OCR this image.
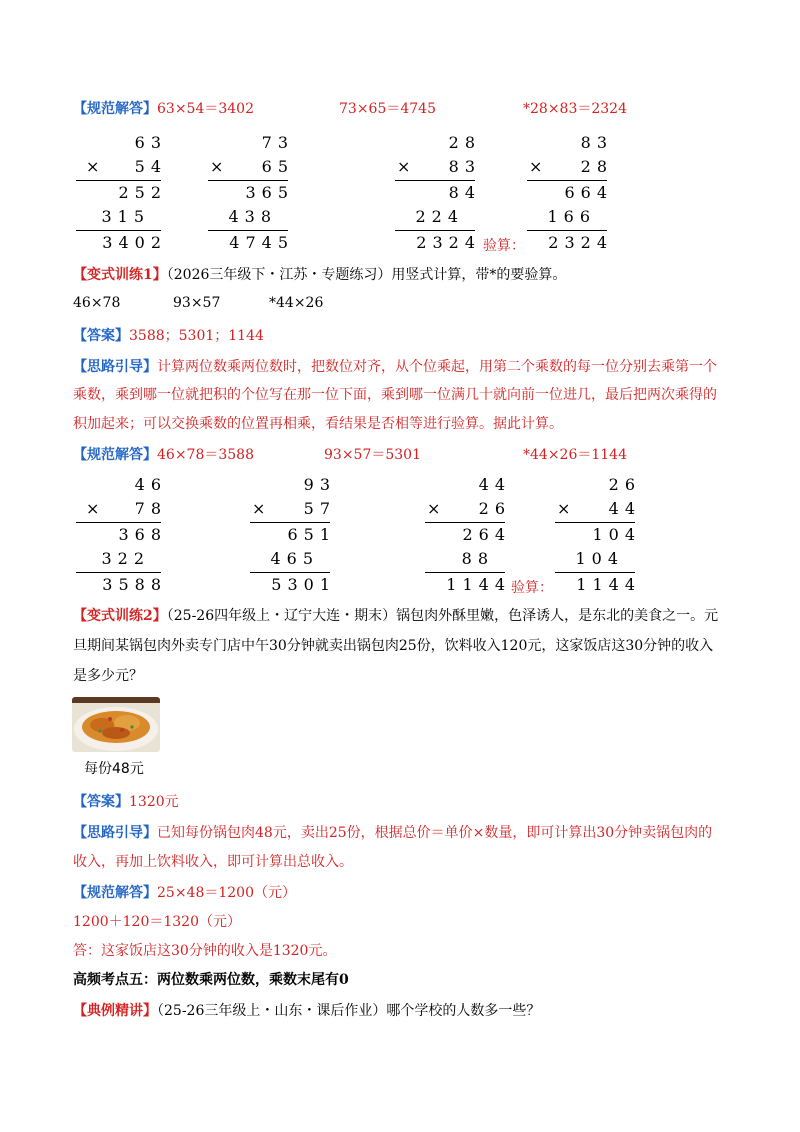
【规范解答】63×54＝3402	73×65＝4745	*28×83＝2324
63
× 54
252
315
3402
73
× 65
365
438
4745
28
× 83
84
224
2324 验算：
83
× 28
664
166
2324
【变式训练1】（2026三年级下・江苏・专题练习）用竖式计算，带*的要验算。
46×78	93×57	*44×26
【答案】3588；5301；1144
【思路引导】计算两位数乘两位数时，把数位对齐，从个位乘起，用第二个乘数的每一位分别去乘第一个
乘数，乘到哪一位就把积的个位写在那一位下面，乘到哪一位满几十就向前一位进几，最后把两次乘得的
积加起来；可以交换乘数的位置再相乘，看结果是否相等进行验算。据此计算。
【规范解答】46×78＝3588	93×57＝5301	*44×26＝1144
46
× 78
368
322
3588
93
× 57
651
465
5301
44
× 26
264
88
1144 验算：
26
× 44
104
104
1144
【变式训练2】（25-26四年级上・辽宁大连・期末）锅包肉外酥里嫩，色泽诱人，是东北的美食之一。元
旦期间某锅包肉外卖专门店中午30分钟就卖出锅包肉25份，饮料收入120元，这家饭店这30分钟的收入
是多少元？
每份48元
【答案】1320元
【思路引导】已知每份锅包肉48元，卖出25份，根据总价＝单价×数量，即可计算出30分钟卖锅包肉的
收入，再加上饮料收入，即可计算出总收入。
【规范解答】25×48＝1200（元）
1200＋120＝1320（元）
答：这家饭店这30分钟的收入是1320元。
高频考点五：两位数乘两位数，乘数末尾有0
【典例精讲】（25-26三年级上・山东・课后作业）哪个学校的人数多一些？
